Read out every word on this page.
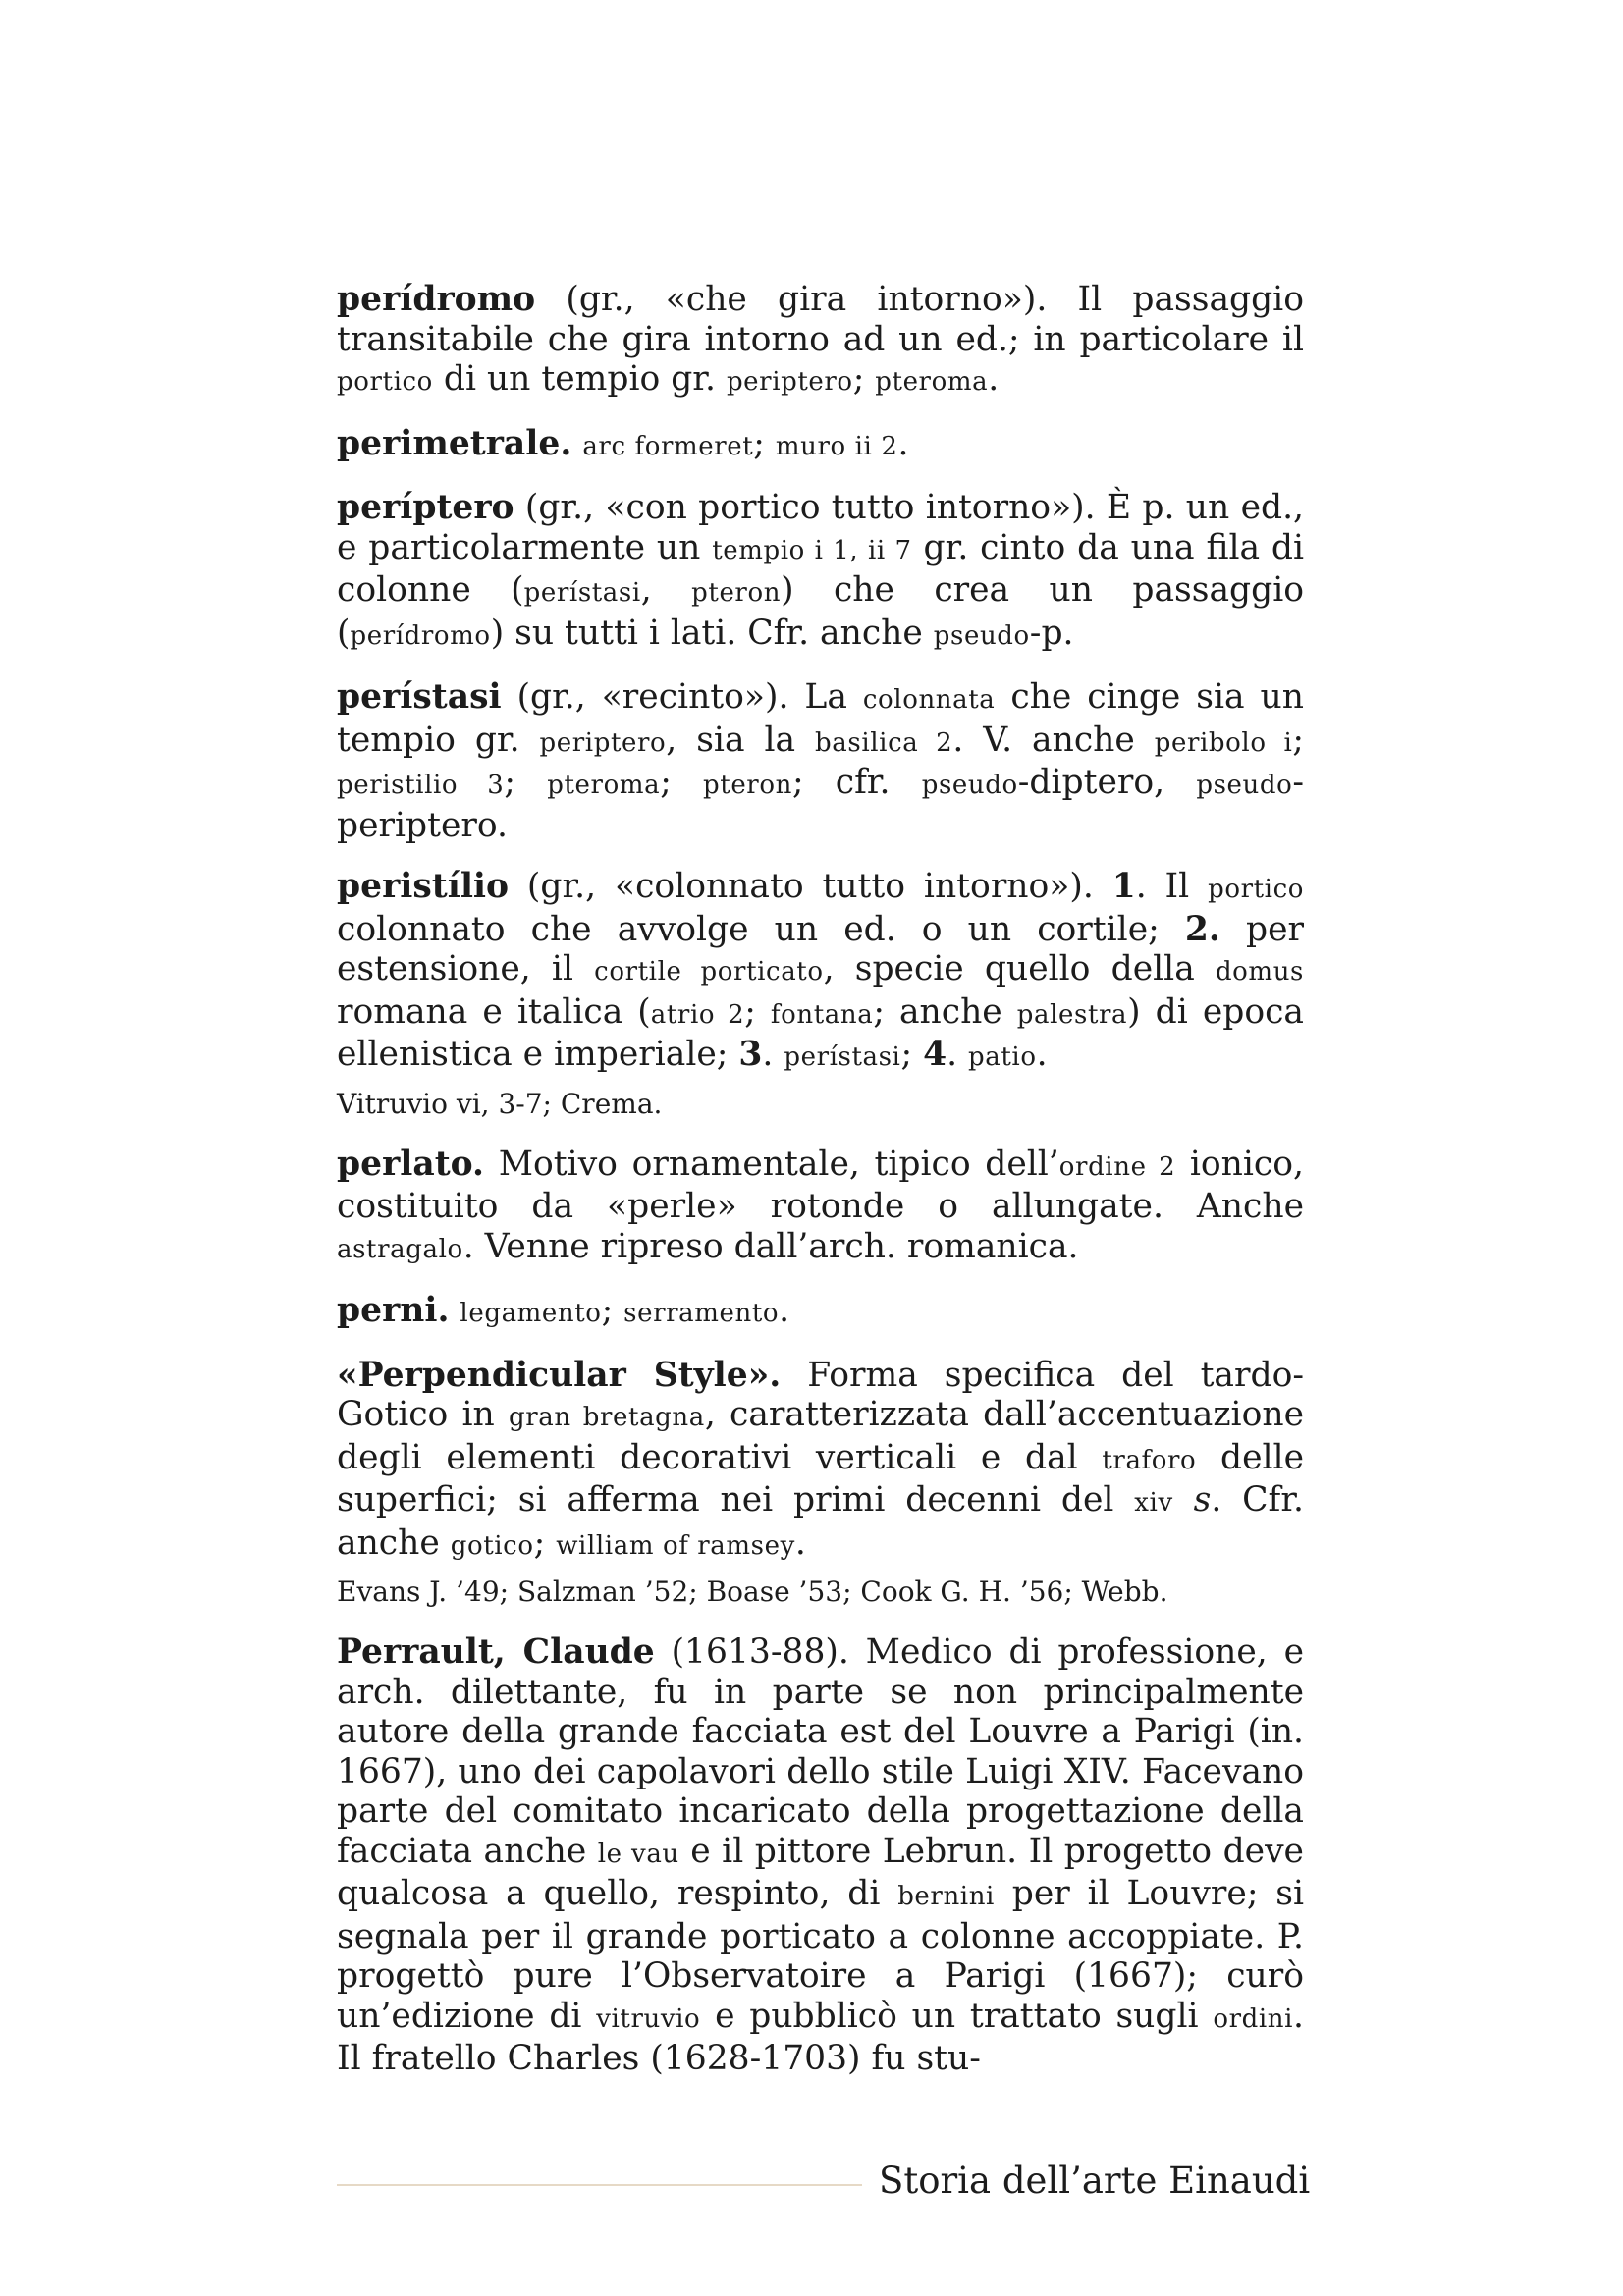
perídromo (gr., «che gira intorno»). Il passaggio transitabile che gira intorno ad un ed.; in particolare il portico di un tempio gr. periptero; pteroma.

perimetrale. arc formeret; muro ii 2.

períptero (gr., «con portico tutto intorno»). È p. un ed., e particolarmente un tempio i 1, ii 7 gr. cinto da una fila di colonne (perístasi, pteron) che crea un passaggio (perídromo) su tutti i lati. Cfr. anche pseudo-p.

perístasi (gr., «recinto»). La colonnata che cinge sia un tempio gr. periptero, sia la basilica 2. V. anche peribolo i; peristilio 3; pteroma; pteron; cfr. pseudo-diptero, pseudo-periptero.

peristílio (gr., «colonnato tutto intorno»). 1. Il portico colonnato che avvolge un ed. o un cortile; 2. per estensione, il cortile porticato, specie quello della domus romana e italica (atrio 2; fontana; anche palestra) di epoca ellenistica e imperiale; 3. perístasi; 4. patio.

Vitruvio vi, 3-7; Crema.

perlato. Motivo ornamentale, tipico dell’ordine 2 ionico, costituito da «perle» rotonde o allungate. Anche astragalo. Venne ripreso dall’arch. romanica.

perni. legamento; serramento.

«Perpendicular Style». Forma specifica del tardo-Gotico in gran bretagna, caratterizzata dall’accentuazione degli elementi decorativi verticali e dal traforo delle superfici; si afferma nei primi decenni del xiv s. Cfr. anche gotico; william of ramsey.

Evans J. ’49; Salzman ’52; Boase ’53; Cook G. H. ’56; Webb.

Perrault, Claude (1613-88). Medico di professione, e arch. dilettante, fu in parte se non principalmente autore della grande facciata est del Louvre a Parigi (in. 1667), uno dei capolavori dello stile Luigi XIV. Facevano parte del comitato incaricato della progettazione della facciata anche le vau e il pittore Lebrun. Il progetto deve qualcosa a quello, respinto, di bernini per il Louvre; si segnala per il grande porticato a colonne accoppiate. P. progettò pure l’Observatoire a Parigi (1667); curò un’edizione di vitruvio e pubblicò un trattato sugli ordini. Il fratello Charles (1628-1703) fu stu-

Storia dell’arte Einaudi
